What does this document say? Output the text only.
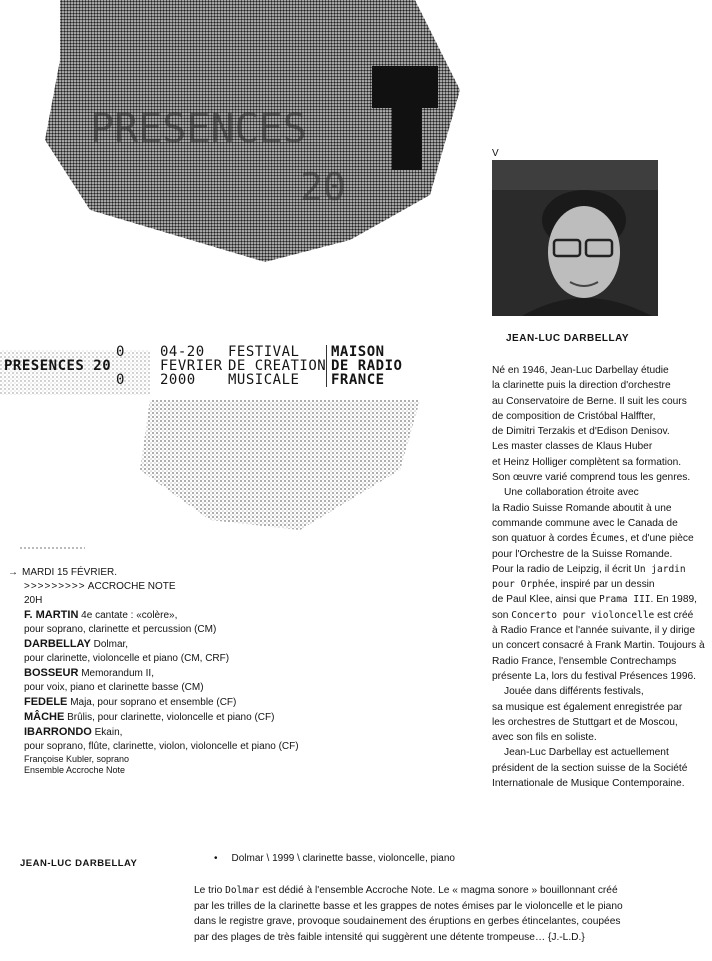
PRESENCES
20
PRESENCES 20
0
0
04-20
FEVRIER
2000
FESTIVAL
DE CREATION
MUSICALE
MAISON
DE RADIO
FRANCE
V
JEAN-LUC DARBELLAY
Né en 1946, Jean-Luc Darbellay étudie
la clarinette puis la direction d'orchestre
au Conservatoire de Berne. Il suit les cours
de composition de Cristóbal Halffter,
de Dimitri Terzakis et d'Edison Denisov.
Les master classes de Klaus Huber
et Heinz Holliger complètent sa formation.
Son œuvre varié comprend tous les genres.
Une collaboration étroite avec
la Radio Suisse Romande aboutit à une
commande commune avec le Canada de
son quatuor à cordes Écumes, et d'une pièce
pour l'Orchestre de la Suisse Romande.
Pour la radio de Leipzig, il écrit Un jardin
pour Orphée, inspiré par un dessin
de Paul Klee, ainsi que Prama III. En 1989,
son Concerto pour violoncelle est créé
à Radio France et l'année suivante, il y dirige
un concert consacré à Frank Martin. Toujours à
Radio France, l'ensemble Contrechamps
présente La, lors du festival Présences 1996.
Jouée dans différents festivals,
sa musique est également enregistrée par
les orchestres de Stuttgart et de Moscou,
avec son fils en soliste.
Jean-Luc Darbellay est actuellement
président de la section suisse de la Société
Internationale de Musique Contemporaine.
→ MARDI 15 FÉVRIER.
>>>>>>>>> ACCROCHE NOTE
20H
F. MARTIN 4e cantate : «colère»,
pour soprano, clarinette et percussion (CM)
DARBELLAY Dolmar,
pour clarinette, violoncelle et piano (CM, CRF)
BOSSEUR Memorandum II,
pour voix, piano et clarinette basse (CM)
FEDELE Maja, pour soprano et ensemble (CF)
MÂCHE Brûlis, pour clarinette, violoncelle et piano (CF)
IBARRONDO Ekain,
pour soprano, flûte, clarinette, violon, violoncelle et piano (CF)
Françoise Kubler, soprano
Ensemble Accroche Note
JEAN-LUC DARBELLAY	• Dolmar \ 1999 \ clarinette basse, violoncelle, piano
Le trio Dolmar est dédié à l'ensemble Accroche Note. Le « magma sonore » bouillonnant créé
par les trilles de la clarinette basse et les grappes de notes émises par le violoncelle et le piano
dans le registre grave, provoque soudainement des éruptions en gerbes étincelantes, coupées
par des plages de très faible intensité qui suggèrent une détente trompeuse… {J.-L.D.}
